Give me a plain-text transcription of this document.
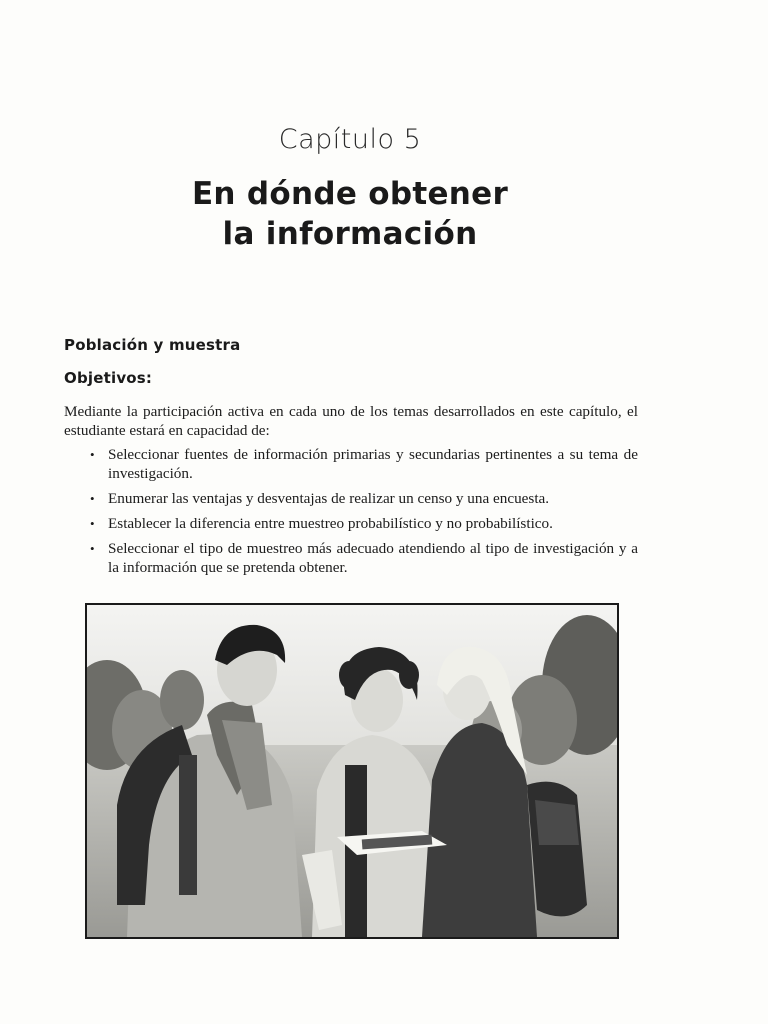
Capítulo 5
En dónde obtener
la información
Población y muestra
Objetivos:

Mediante la participación activa en cada uno de los temas desarrollados en este capítulo, el estudiante estará en capacidad de:

• Seleccionar fuentes de información primarias y secundarias pertinentes a su tema de investigación.
• Enumerar las ventajas y desventajas de realizar un censo y una encuesta.
• Establecer la diferencia entre muestreo probabilístico y no probabilístico.
• Seleccionar el tipo de muestreo más adecuado atendiendo al tipo de investigación y a la información que se pretenda obtener.
